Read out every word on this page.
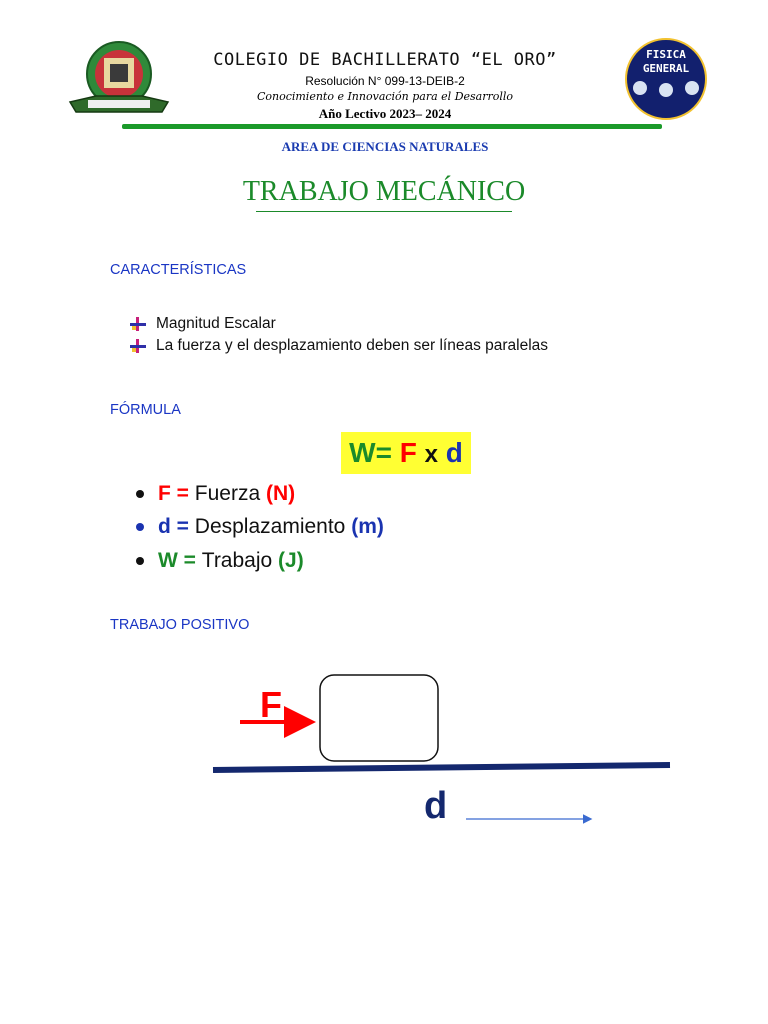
FISICA
GENERAL
COLEGIO DE BACHILLERATO “EL ORO”
Resolución N° 099-13-DEIB-2
Conocimiento e Innovación para el Desarrollo
Año Lectivo 2023– 2024
AREA DE CIENCIAS NATURALES
TRABAJO MECÁNICO
CARACTERÍSTICAS
Magnitud Escalar
La fuerza y el desplazamiento deben ser líneas paralelas
FÓRMULA
W= F x d
F =
Fuerza
(N)
d =
Desplazamiento
(m)
W =
Trabajo
(J)
TRABAJO POSITIVO
F
d
